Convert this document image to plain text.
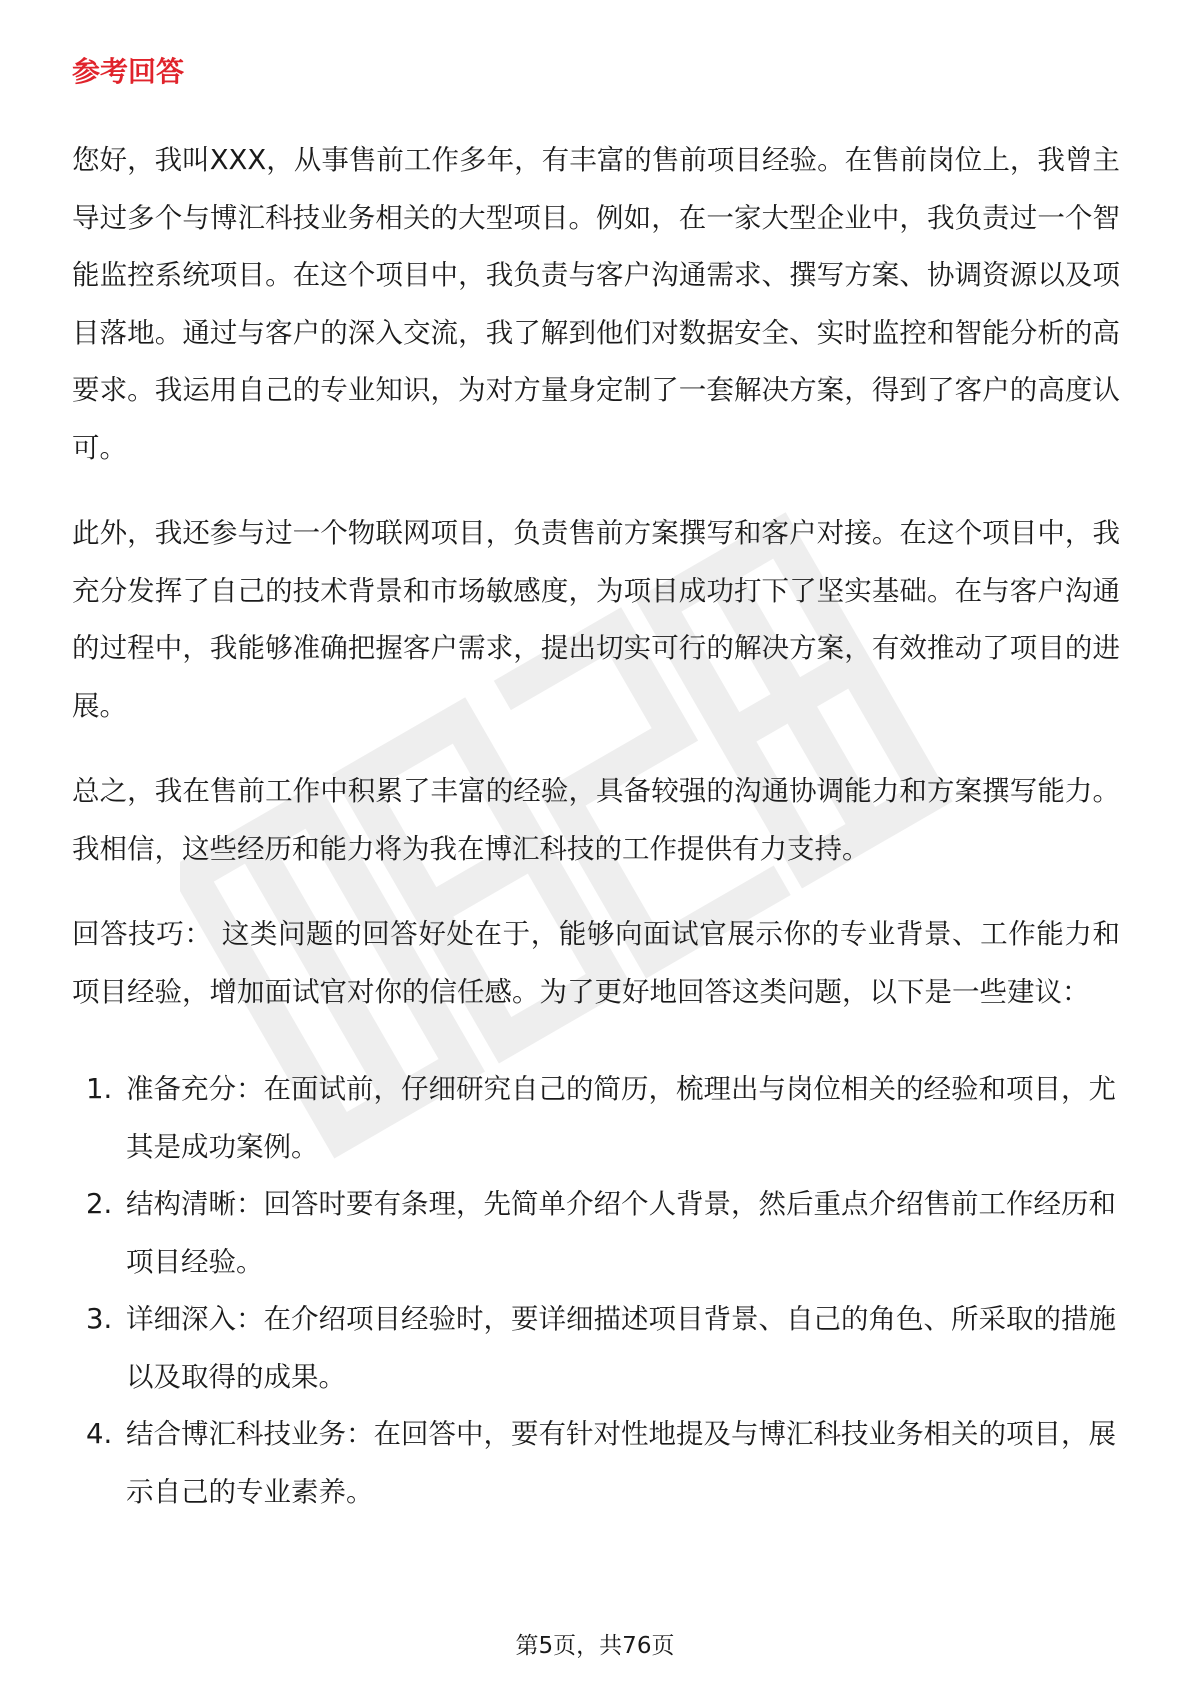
参考回答

您好，我叫XXX，从事售前工作多年，有丰富的售前项目经验。在售前岗位上，我曾主导过多个与博汇科技业务相关的大型项目。例如，在一家大型企业中，我负责过一个智能监控系统项目。在这个项目中，我负责与客户沟通需求、撰写方案、协调资源以及项目落地。通过与客户的深入交流，我了解到他们对数据安全、实时监控和智能分析的高要求。我运用自己的专业知识，为对方量身定制了一套解决方案，得到了客户的高度认可。

此外，我还参与过一个物联网项目，负责售前方案撰写和客户对接。在这个项目中，我充分发挥了自己的技术背景和市场敏感度，为项目成功打下了坚实基础。在与客户沟通的过程中，我能够准确把握客户需求，提出切实可行的解决方案，有效推动了项目的进展。

总之，我在售前工作中积累了丰富的经验，具备较强的沟通协调能力和方案撰写能力。我相信，这些经历和能力将为我在博汇科技的工作提供有力支持。

回答技巧： 这类问题的回答好处在于，能够向面试官展示你的专业背景、工作能力和项目经验，增加面试官对你的信任感。为了更好地回答这类问题，以下是一些建议：

1. 准备充分：在面试前，仔细研究自己的简历，梳理出与岗位相关的经验和项目，尤其是成功案例。
2. 结构清晰：回答时要有条理，先简单介绍个人背景，然后重点介绍售前工作经历和项目经验。
3. 详细深入：在介绍项目经验时，要详细描述项目背景、自己的角色、所采取的措施以及取得的成果。
4. 结合博汇科技业务：在回答中，要有针对性地提及与博汇科技业务相关的项目，展示自己的专业素养。
第5页，共76页
